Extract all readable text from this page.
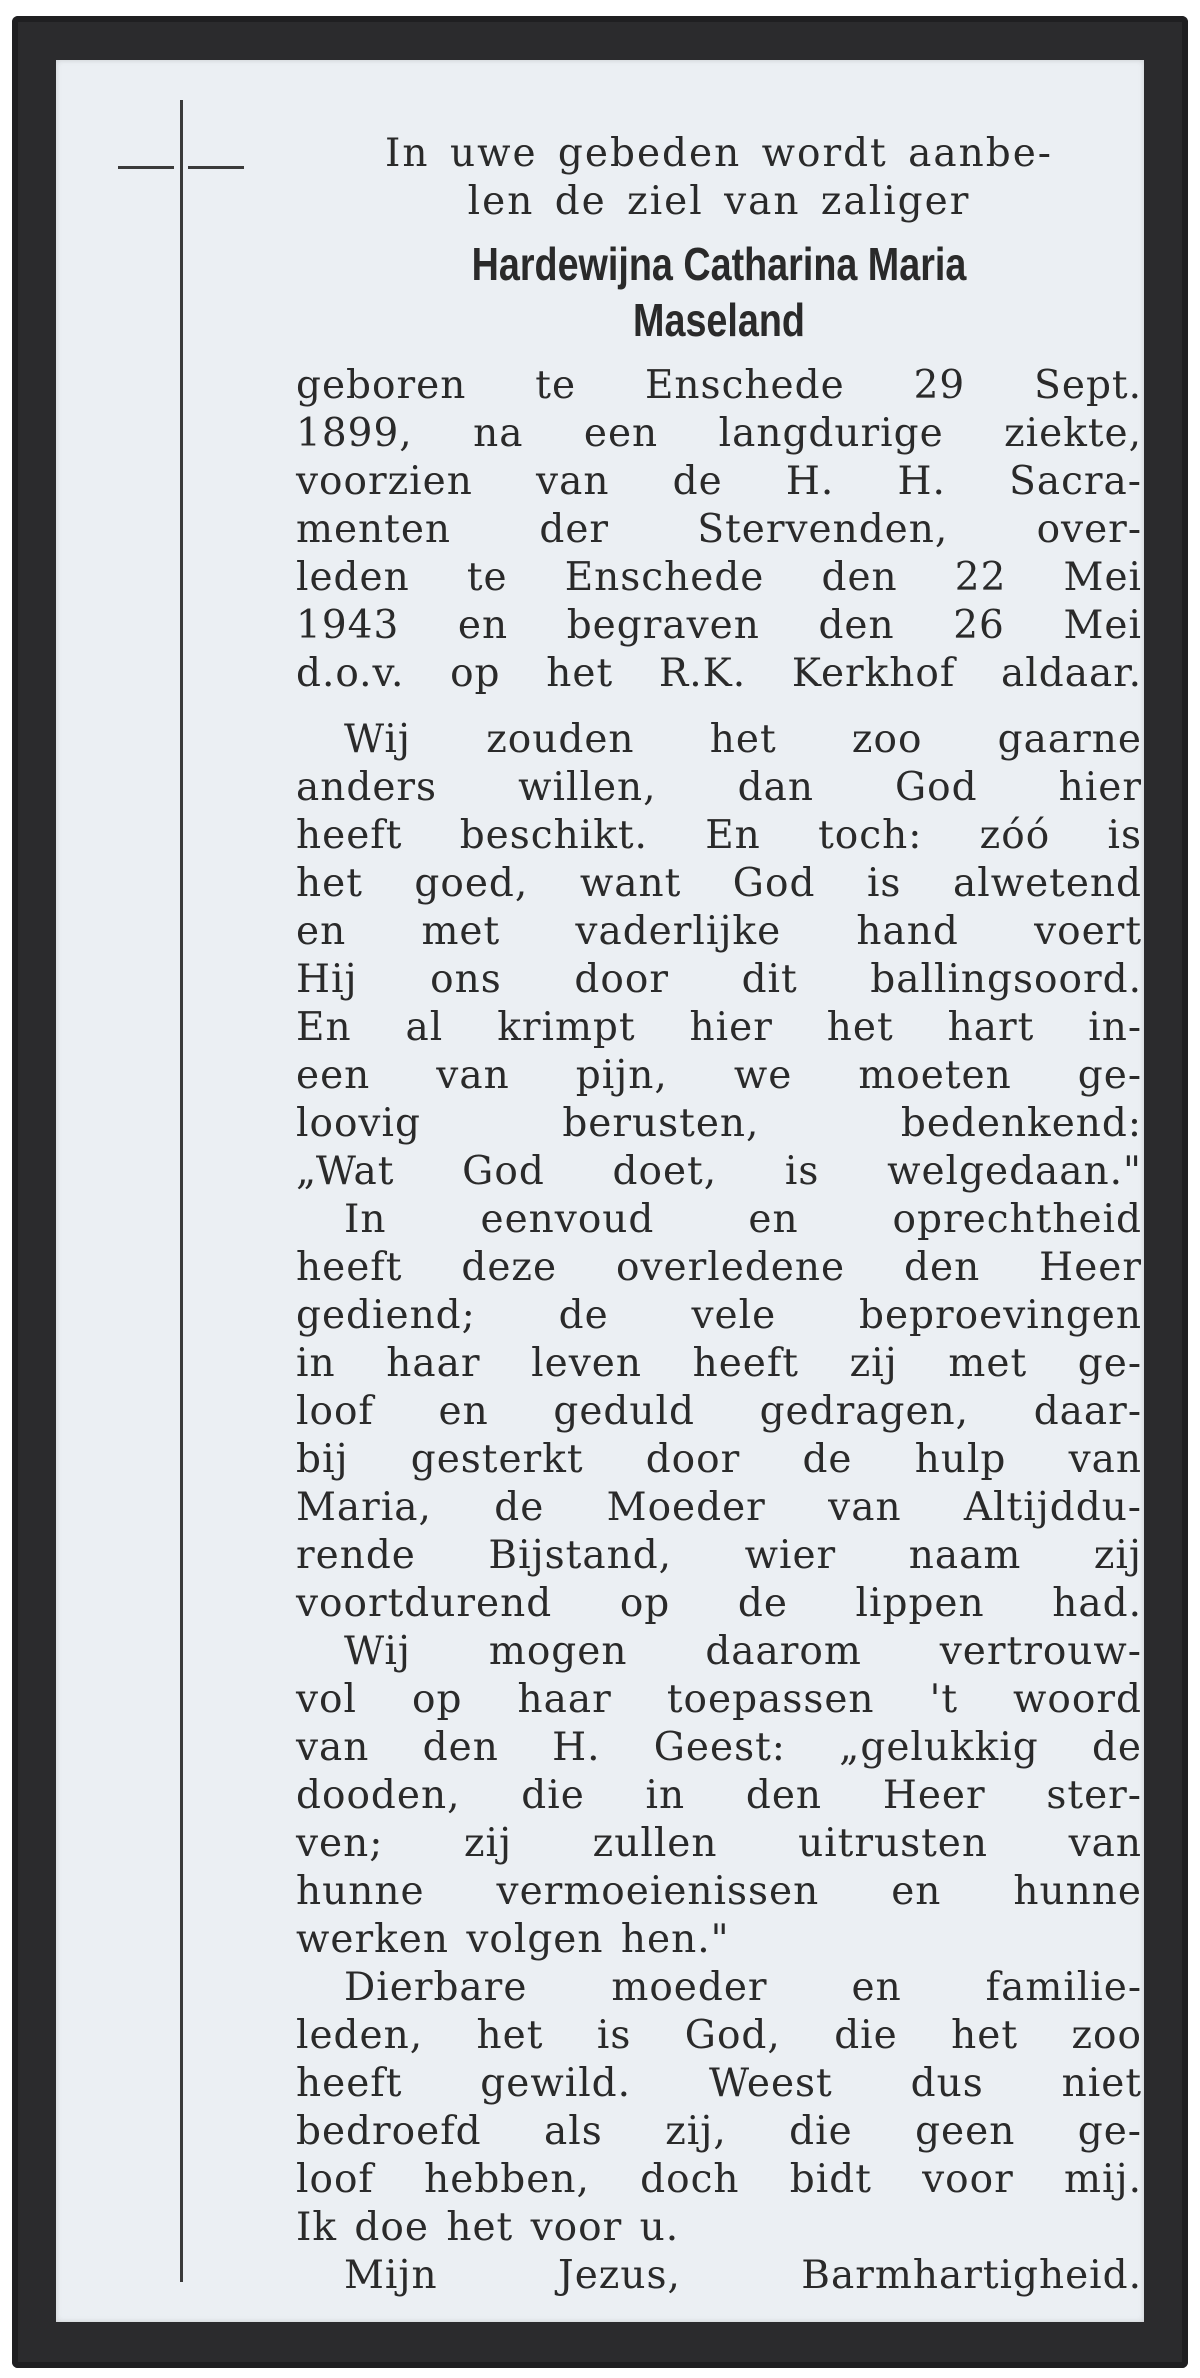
In uwe gebeden wordt aanbe-
len de ziel van zaliger

Hardewijna Catharina Maria
Maseland

geboren te Enschede 29 Sept.
1899, na een langdurige ziekte,
voorzien van de H. H. Sacra-
menten der Stervenden, over-
leden te Enschede den 22 Mei
1943 en begraven den 26 Mei
d.o.v. op het R.K. Kerkhof aldaar.

Wij zouden het zoo gaarne
anders willen, dan God hier
heeft beschikt. En toch: zóó is
het goed, want God is alwetend
en met vaderlijke hand voert
Hij ons door dit ballingsoord.
En al krimpt hier het hart in-
een van pijn, we moeten ge-
loovig berusten, bedenkend:
„Wat God doet, is welgedaan."

In eenvoud en oprechtheid
heeft deze overledene den Heer
gediend; de vele beproevingen
in haar leven heeft zij met ge-
loof en geduld gedragen, daar-
bij gesterkt door de hulp van
Maria, de Moeder van Altijddu-
rende Bijstand, wier naam zij
voortdurend op de lippen had.

Wij mogen daarom vertrouw-
vol op haar toepassen 't woord
van den H. Geest: „gelukkig de
dooden, die in den Heer ster-
ven; zij zullen uitrusten van
hunne vermoeienissen en hunne
werken volgen hen."

Dierbare moeder en familie-
leden, het is God, die het zoo
heeft gewild. Weest dus niet
bedroefd als zij, die geen ge-
loof hebben, doch bidt voor mij.
Ik doe het voor u.
Mijn Jezus, Barmhartigheid.
